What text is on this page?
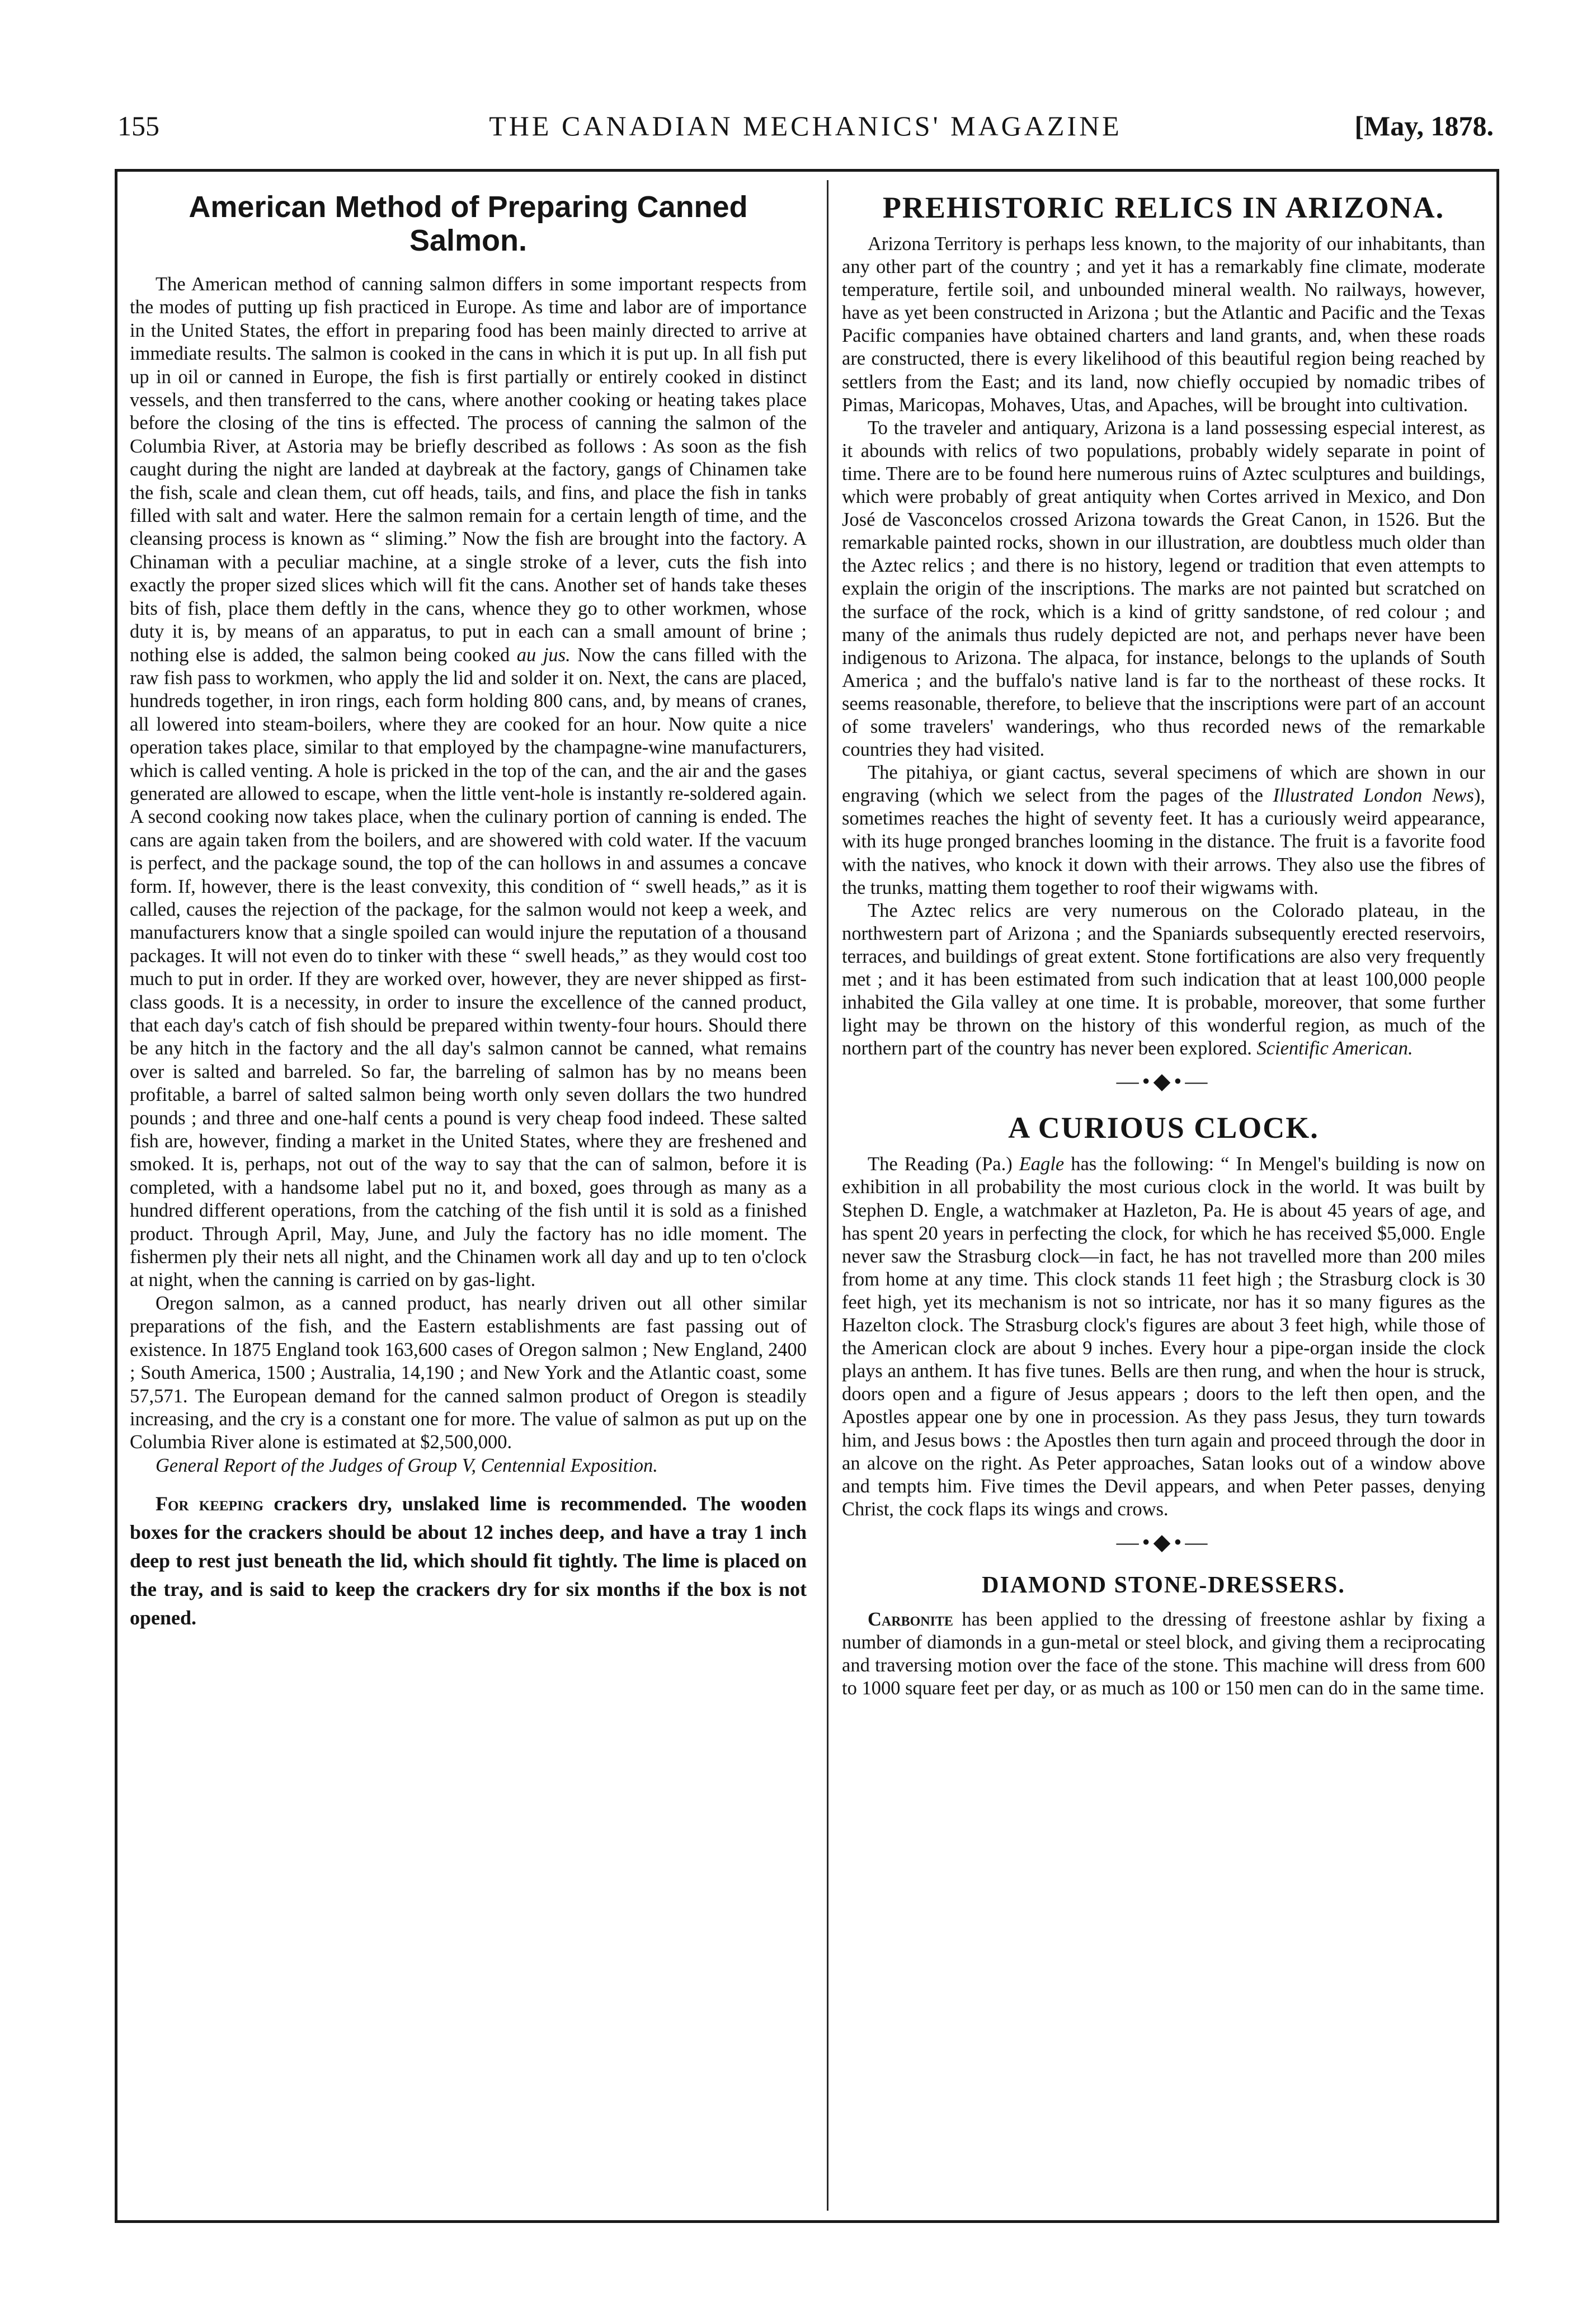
155	THE CANADIAN MECHANICS' MAGAZINE	[May, 1878.
American Method of Preparing Canned Salmon.

The American method of canning salmon differs in some important respects from the modes of putting up fish practiced in Europe. As time and labor are of importance in the United States, the effort in preparing food has been mainly directed to arrive at immediate results. The salmon is cooked in the cans in which it is put up. In all fish put up in oil or canned in Europe, the fish is first partially or entirely cooked in distinct vessels, and then transferred to the cans, where another cooking or heating takes place before the closing of the tins is effected. The process of canning the salmon of the Columbia River, at Astoria may be briefly described as follows : As soon as the fish caught during the night are landed at daybreak at the factory, gangs of Chinamen take the fish, scale and clean them, cut off heads, tails, and fins, and place the fish in tanks filled with salt and water. Here the salmon remain for a certain length of time, and the cleansing process is known as “ sliming.” Now the fish are brought into the factory. A Chinaman with a peculiar machine, at a single stroke of a lever, cuts the fish into exactly the proper sized slices which will fit the cans. Another set of hands take theses bits of fish, place them deftly in the cans, whence they go to other workmen, whose duty it is, by means of an apparatus, to put in each can a small amount of brine ; nothing else is added, the salmon being cooked au jus. Now the cans filled with the raw fish pass to workmen, who apply the lid and solder it on. Next, the cans are placed, hundreds together, in iron rings, each form holding 800 cans, and, by means of cranes, all lowered into steam-boilers, where they are cooked for an hour. Now quite a nice operation takes place, similar to that employed by the champagne-wine manufacturers, which is called venting. A hole is pricked in the top of the can, and the air and the gases generated are allowed to escape, when the little vent-hole is instantly re-soldered again. A second cooking now takes place, when the culinary portion of canning is ended. The cans are again taken from the boilers, and are showered with cold water. If the vacuum is perfect, and the package sound, the top of the can hollows in and assumes a concave form. If, however, there is the least convexity, this condition of “ swell heads,” as it is called, causes the rejection of the package, for the salmon would not keep a week, and manufacturers know that a single spoiled can would injure the reputation of a thousand packages. It will not even do to tinker with these “ swell heads,” as they would cost too much to put in order. If they are worked over, however, they are never shipped as first-class goods. It is a necessity, in order to insure the excellence of the canned product, that each day's catch of fish should be prepared within twenty-four hours. Should there be any hitch in the factory and the all day's salmon cannot be canned, what remains over is salted and barreled. So far, the barreling of salmon has by no means been profitable, a barrel of salted salmon being worth only seven dollars the two hundred pounds ; and three and one-half cents a pound is very cheap food indeed. These salted fish are, however, finding a market in the United States, where they are freshened and smoked. It is, perhaps, not out of the way to say that the can of salmon, before it is completed, with a handsome label put no it, and boxed, goes through as many as a hundred different operations, from the catching of the fish until it is sold as a finished product. Through April, May, June, and July the factory has no idle moment. The fishermen ply their nets all night, and the Chinamen work all day and up to ten o'clock at night, when the canning is carried on by gas-light.

Oregon salmon, as a canned product, has nearly driven out all other similar preparations of the fish, and the Eastern establishments are fast passing out of existence. In 1875 England took 163,600 cases of Oregon salmon ; New England, 2400 ; South America, 1500 ; Australia, 14,190 ; and New York and the Atlantic coast, some 57,571. The European demand for the canned salmon product of Oregon is steadily increasing, and the cry is a constant one for more. The value of salmon as put up on the Columbia River alone is estimated at $2,500,000.

General Report of the Judges of Group V, Centennial Exposition.

For keeping crackers dry, unslaked lime is recommended. The wooden boxes for the crackers should be about 12 inches deep, and have a tray 1 inch deep to rest just beneath the lid, which should fit tightly. The lime is placed on the tray, and is said to keep the crackers dry for six months if the box is not opened.

PREHISTORIC RELICS IN ARIZONA.

Arizona Territory is perhaps less known, to the majority of our inhabitants, than any other part of the country ; and yet it has a remarkably fine climate, moderate temperature, fertile soil, and unbounded mineral wealth. No railways, however, have as yet been constructed in Arizona ; but the Atlantic and Pacific and the Texas Pacific companies have obtained charters and land grants, and, when these roads are constructed, there is every likelihood of this beautiful region being reached by settlers from the East; and its land, now chiefly occupied by nomadic tribes of Pimas, Maricopas, Mohaves, Utas, and Apaches, will be brought into cultivation.

To the traveler and antiquary, Arizona is a land possessing especial interest, as it abounds with relics of two populations, probably widely separate in point of time. There are to be found here numerous ruins of Aztec sculptures and buildings, which were probably of great antiquity when Cortes arrived in Mexico, and Don José de Vasconcelos crossed Arizona towards the Great Canon, in 1526. But the remarkable painted rocks, shown in our illustration, are doubtless much older than the Aztec relics ; and there is no history, legend or tradition that even attempts to explain the origin of the inscriptions. The marks are not painted but scratched on the surface of the rock, which is a kind of gritty sandstone, of red colour ; and many of the animals thus rudely depicted are not, and perhaps never have been indigenous to Arizona. The alpaca, for instance, belongs to the uplands of South America ; and the buffalo's native land is far to the northeast of these rocks. It seems reasonable, therefore, to believe that the inscriptions were part of an account of some travelers' wanderings, who thus recorded news of the remarkable countries they had visited.

The pitahiya, or giant cactus, several specimens of which are shown in our engraving (which we select from the pages of the Illustrated London News), sometimes reaches the hight of seventy feet. It has a curiously weird appearance, with its huge pronged branches looming in the distance. The fruit is a favorite food with the natives, who knock it down with their arrows. They also use the fibres of the trunks, matting them together to roof their wigwams with.

The Aztec relics are very numerous on the Colorado plateau, in the northwestern part of Arizona ; and the Spaniards subsequently erected reservoirs, terraces, and buildings of great extent. Stone fortifications are also very frequently met ; and it has been estimated from such indication that at least 100,000 people inhabited the Gila valley at one time. It is probable, moreover, that some further light may be thrown on the history of this wonderful region, as much of the northern part of the country has never been explored. Scientific American.

—•◆•—
A CURIOUS CLOCK.

The Reading (Pa.) Eagle has the following: “ In Mengel's building is now on exhibition in all probability the most curious clock in the world. It was built by Stephen D. Engle, a watchmaker at Hazleton, Pa. He is about 45 years of age, and has spent 20 years in perfecting the clock, for which he has received $5,000. Engle never saw the Strasburg clock—in fact, he has not travelled more than 200 miles from home at any time. This clock stands 11 feet high ; the Strasburg clock is 30 feet high, yet its mechanism is not so intricate, nor has it so many figures as the Hazelton clock. The Strasburg clock's figures are about 3 feet high, while those of the American clock are about 9 inches. Every hour a pipe-organ inside the clock plays an anthem. It has five tunes. Bells are then rung, and when the hour is struck, doors open and a figure of Jesus appears ; doors to the left then open, and the Apostles appear one by one in procession. As they pass Jesus, they turn towards him, and Jesus bows : the Apostles then turn again and proceed through the door in an alcove on the right. As Peter approaches, Satan looks out of a window above and tempts him. Five times the Devil appears, and when Peter passes, denying Christ, the cock flaps its wings and crows.

—•◆•—
DIAMOND STONE-DRESSERS.

Carbonite has been applied to the dressing of freestone ashlar by fixing a number of diamonds in a gun-metal or steel block, and giving them a reciprocating and traversing motion over the face of the stone. This machine will dress from 600 to 1000 square feet per day, or as much as 100 or 150 men can do in the same time.
